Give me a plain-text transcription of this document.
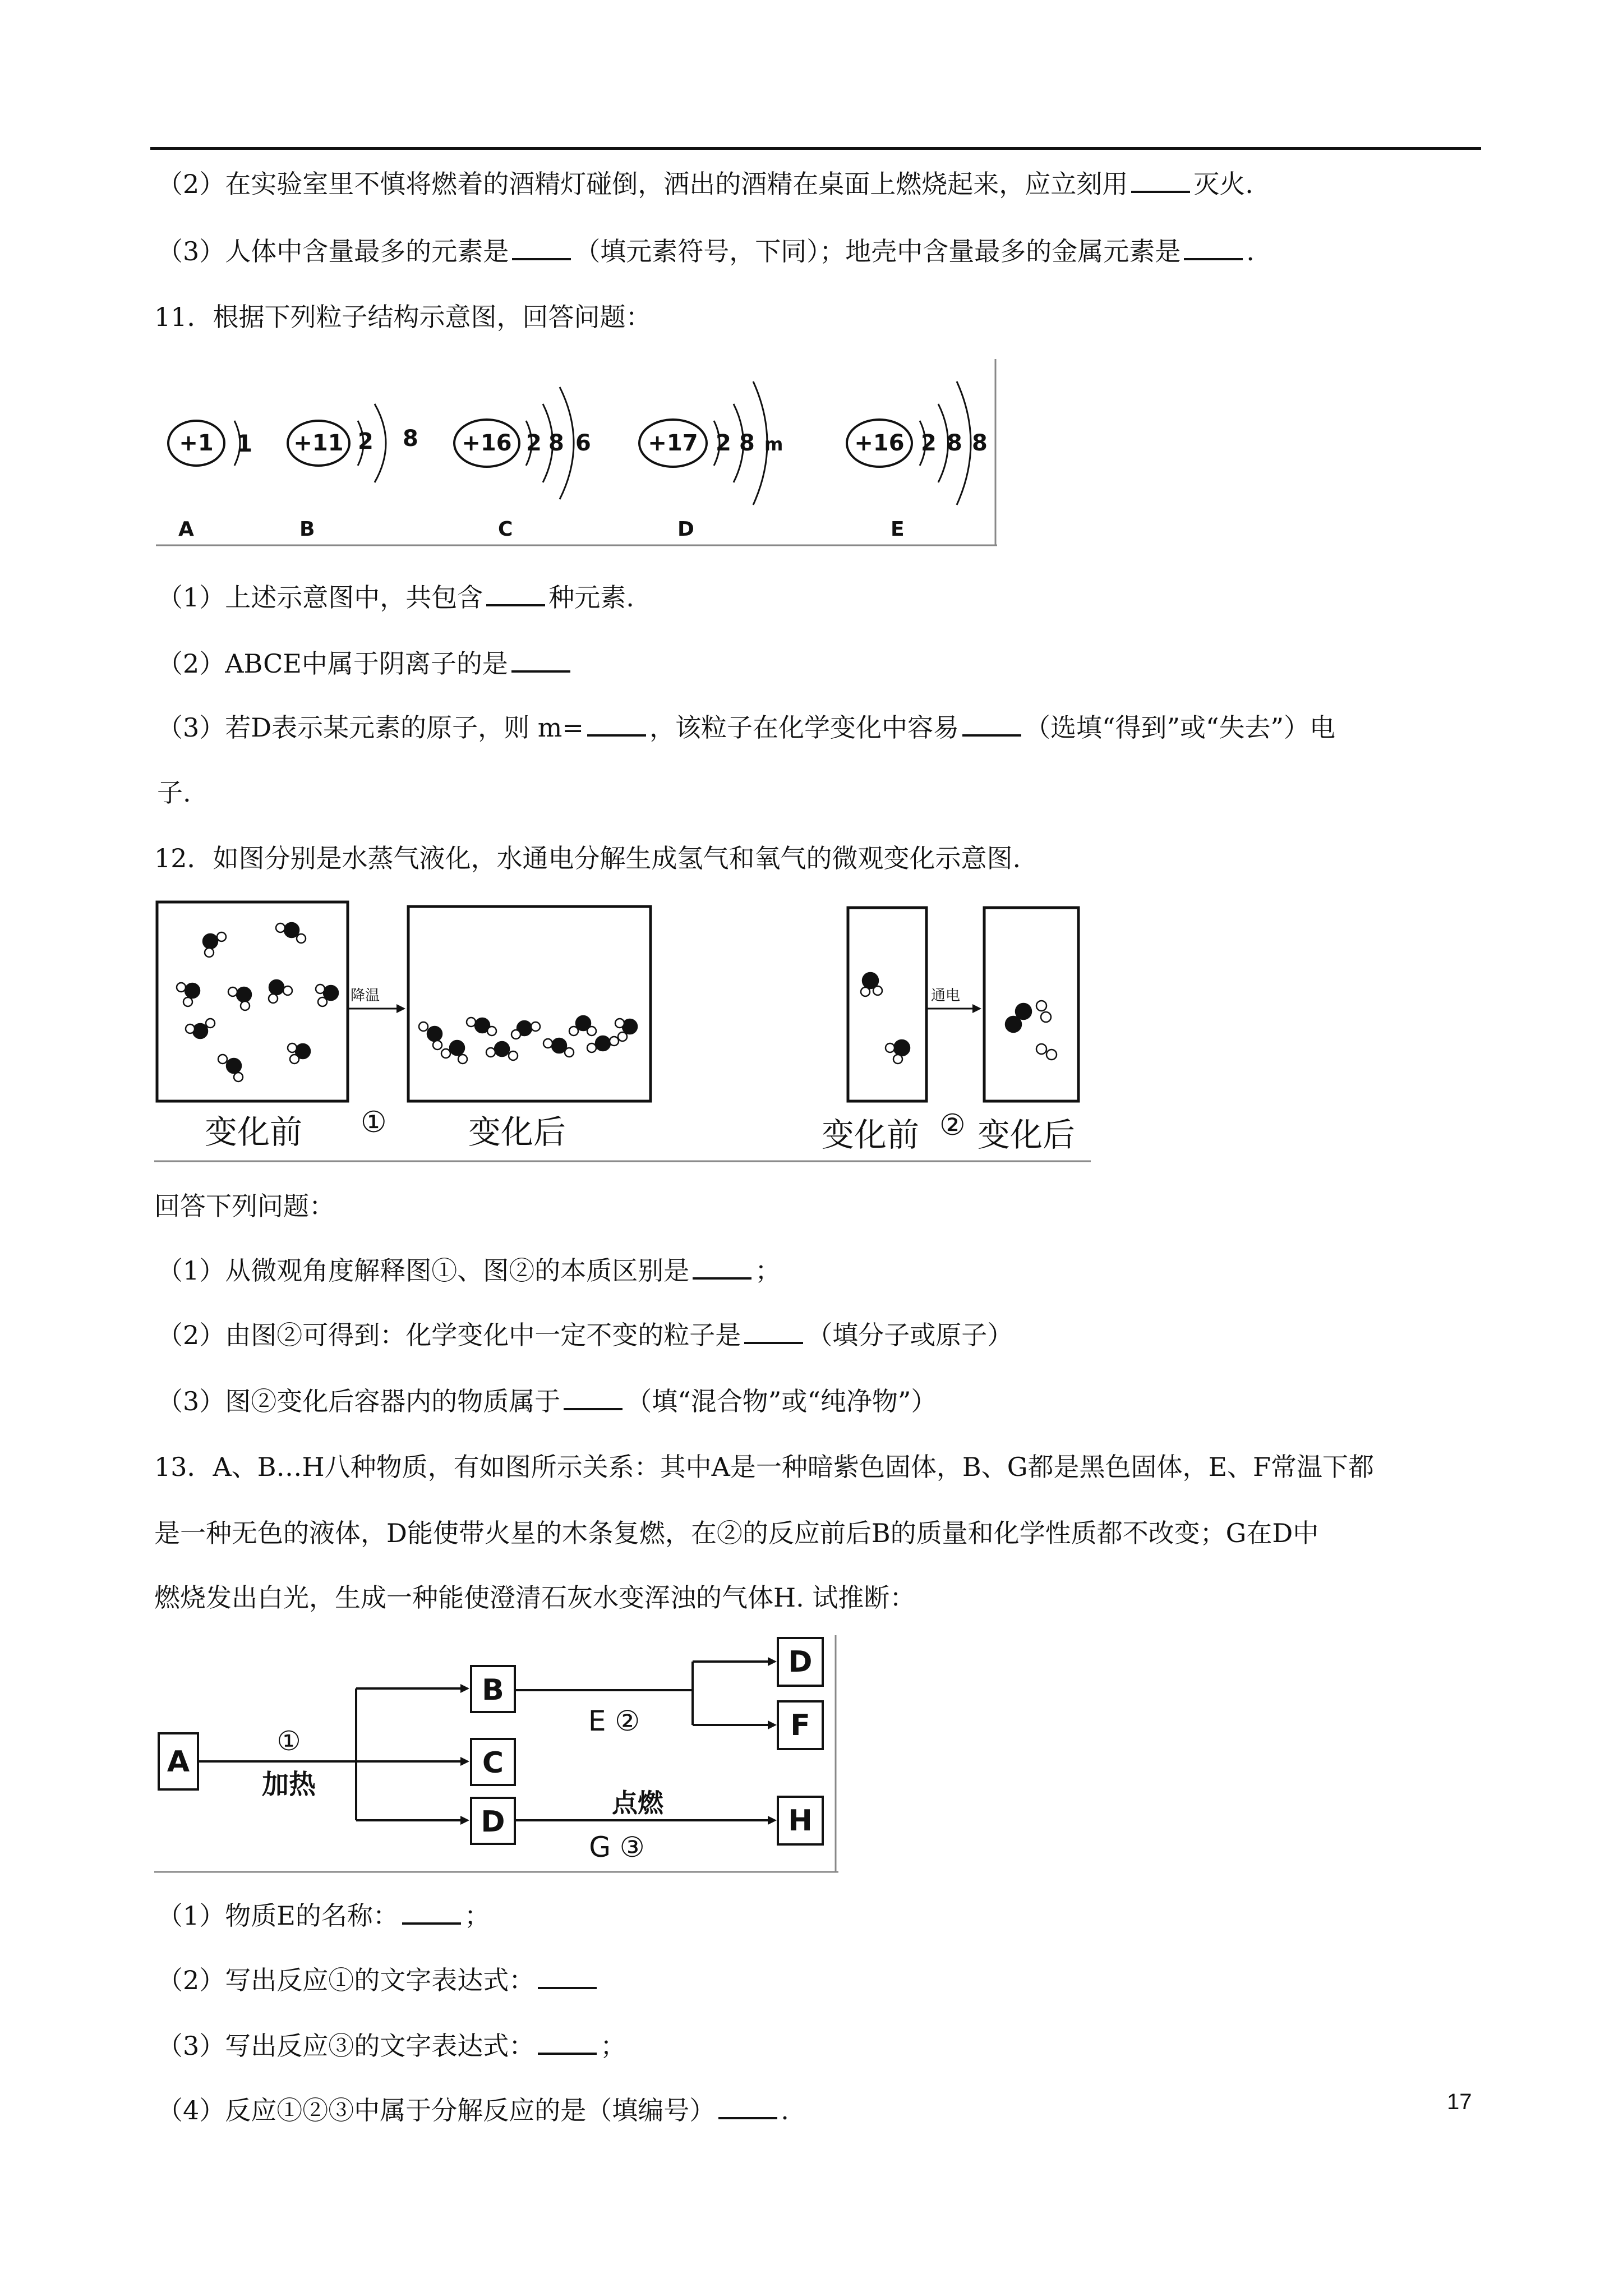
（2）在实验室里不慎将燃着的酒精灯碰倒，洒出的酒精在桌面上燃烧起来，应立刻用	灭火.
（3）人体中含量最多的元素是	（填元素符号，下同）；地壳中含量最多的金属元素是	.
11．根据下列粒子结构示意图，回答问题：
+1 1
A
+11 2 8
B
+16 2 8 6
C
+17 2 8 m
D
+16 2 8 8
E
（1）上述示意图中，共包含	种元素.
（2）ABCE中属于阴离子的是
（3）若D表示某元素的原子，则 m=	，该粒子在化学变化中容易	（选填“得到”或“失去”）电
子.
12．如图分别是水蒸气液化，水通电分解生成氢气和氧气的微观变化示意图.
降温
变化前 ①	变化后
通电
变化前 ② 变化后
回答下列问题：
（1）从微观角度解释图①、图②的本质区别是	；
（2）由图②可得到：化学变化中一定不变的粒子是	（填分子或原子）
（3）图②变化后容器内的物质属于	（填“混合物”或“纯净物”）
13．A、B…H八种物质，有如图所示关系：其中A是一种暗紫色固体，B、G都是黑色固体，E、F常温下都
是一种无色的液体，D能使带火星的木条复燃，在②的反应前后B的质量和化学性质都不改变；G在D中
燃烧发出白光，生成一种能使澄清石灰水变浑浊的气体H. 试推断：
A
B
C
D
D
F
H
①
加热
E ②
点燃
G ③
（1）物质E的名称：	；
（2）写出反应①的文字表达式：
（3）写出反应③的文字表达式：	；
（4）反应①②③中属于分解反应的是（填编号）	.	17
